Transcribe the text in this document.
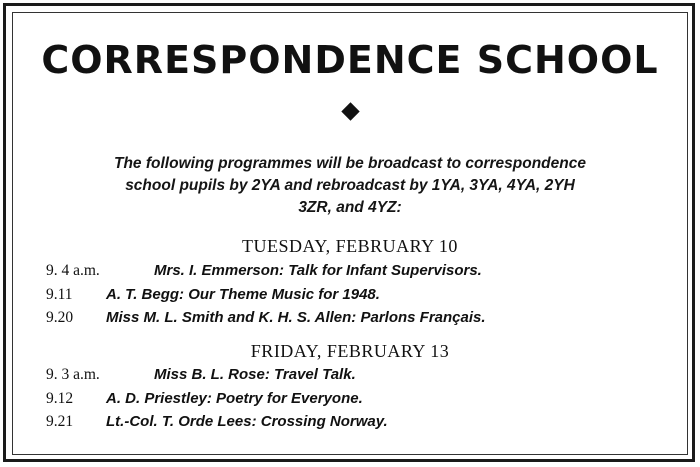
CORRESPONDENCE SCHOOL
The following programmes will be broadcast to correspondence
school pupils by 2YA and rebroadcast by 1YA, 3YA, 4YA, 2YH
3ZR, and 4YZ:
TUESDAY, FEBRUARY 10
9. 4 a.m.	Mrs. I. Emmerson: Talk for Infant Supervisors.
9.11 A. T. Begg: Our Theme Music for 1948.
9.20 Miss M. L. Smith and K. H. S. Allen: Parlons Français.
FRIDAY, FEBRUARY 13
9. 3 a.m.	Miss B. L. Rose: Travel Talk.
9.12 A. D. Priestley: Poetry for Everyone.
9.21 Lt.-Col. T. Orde Lees: Crossing Norway.
